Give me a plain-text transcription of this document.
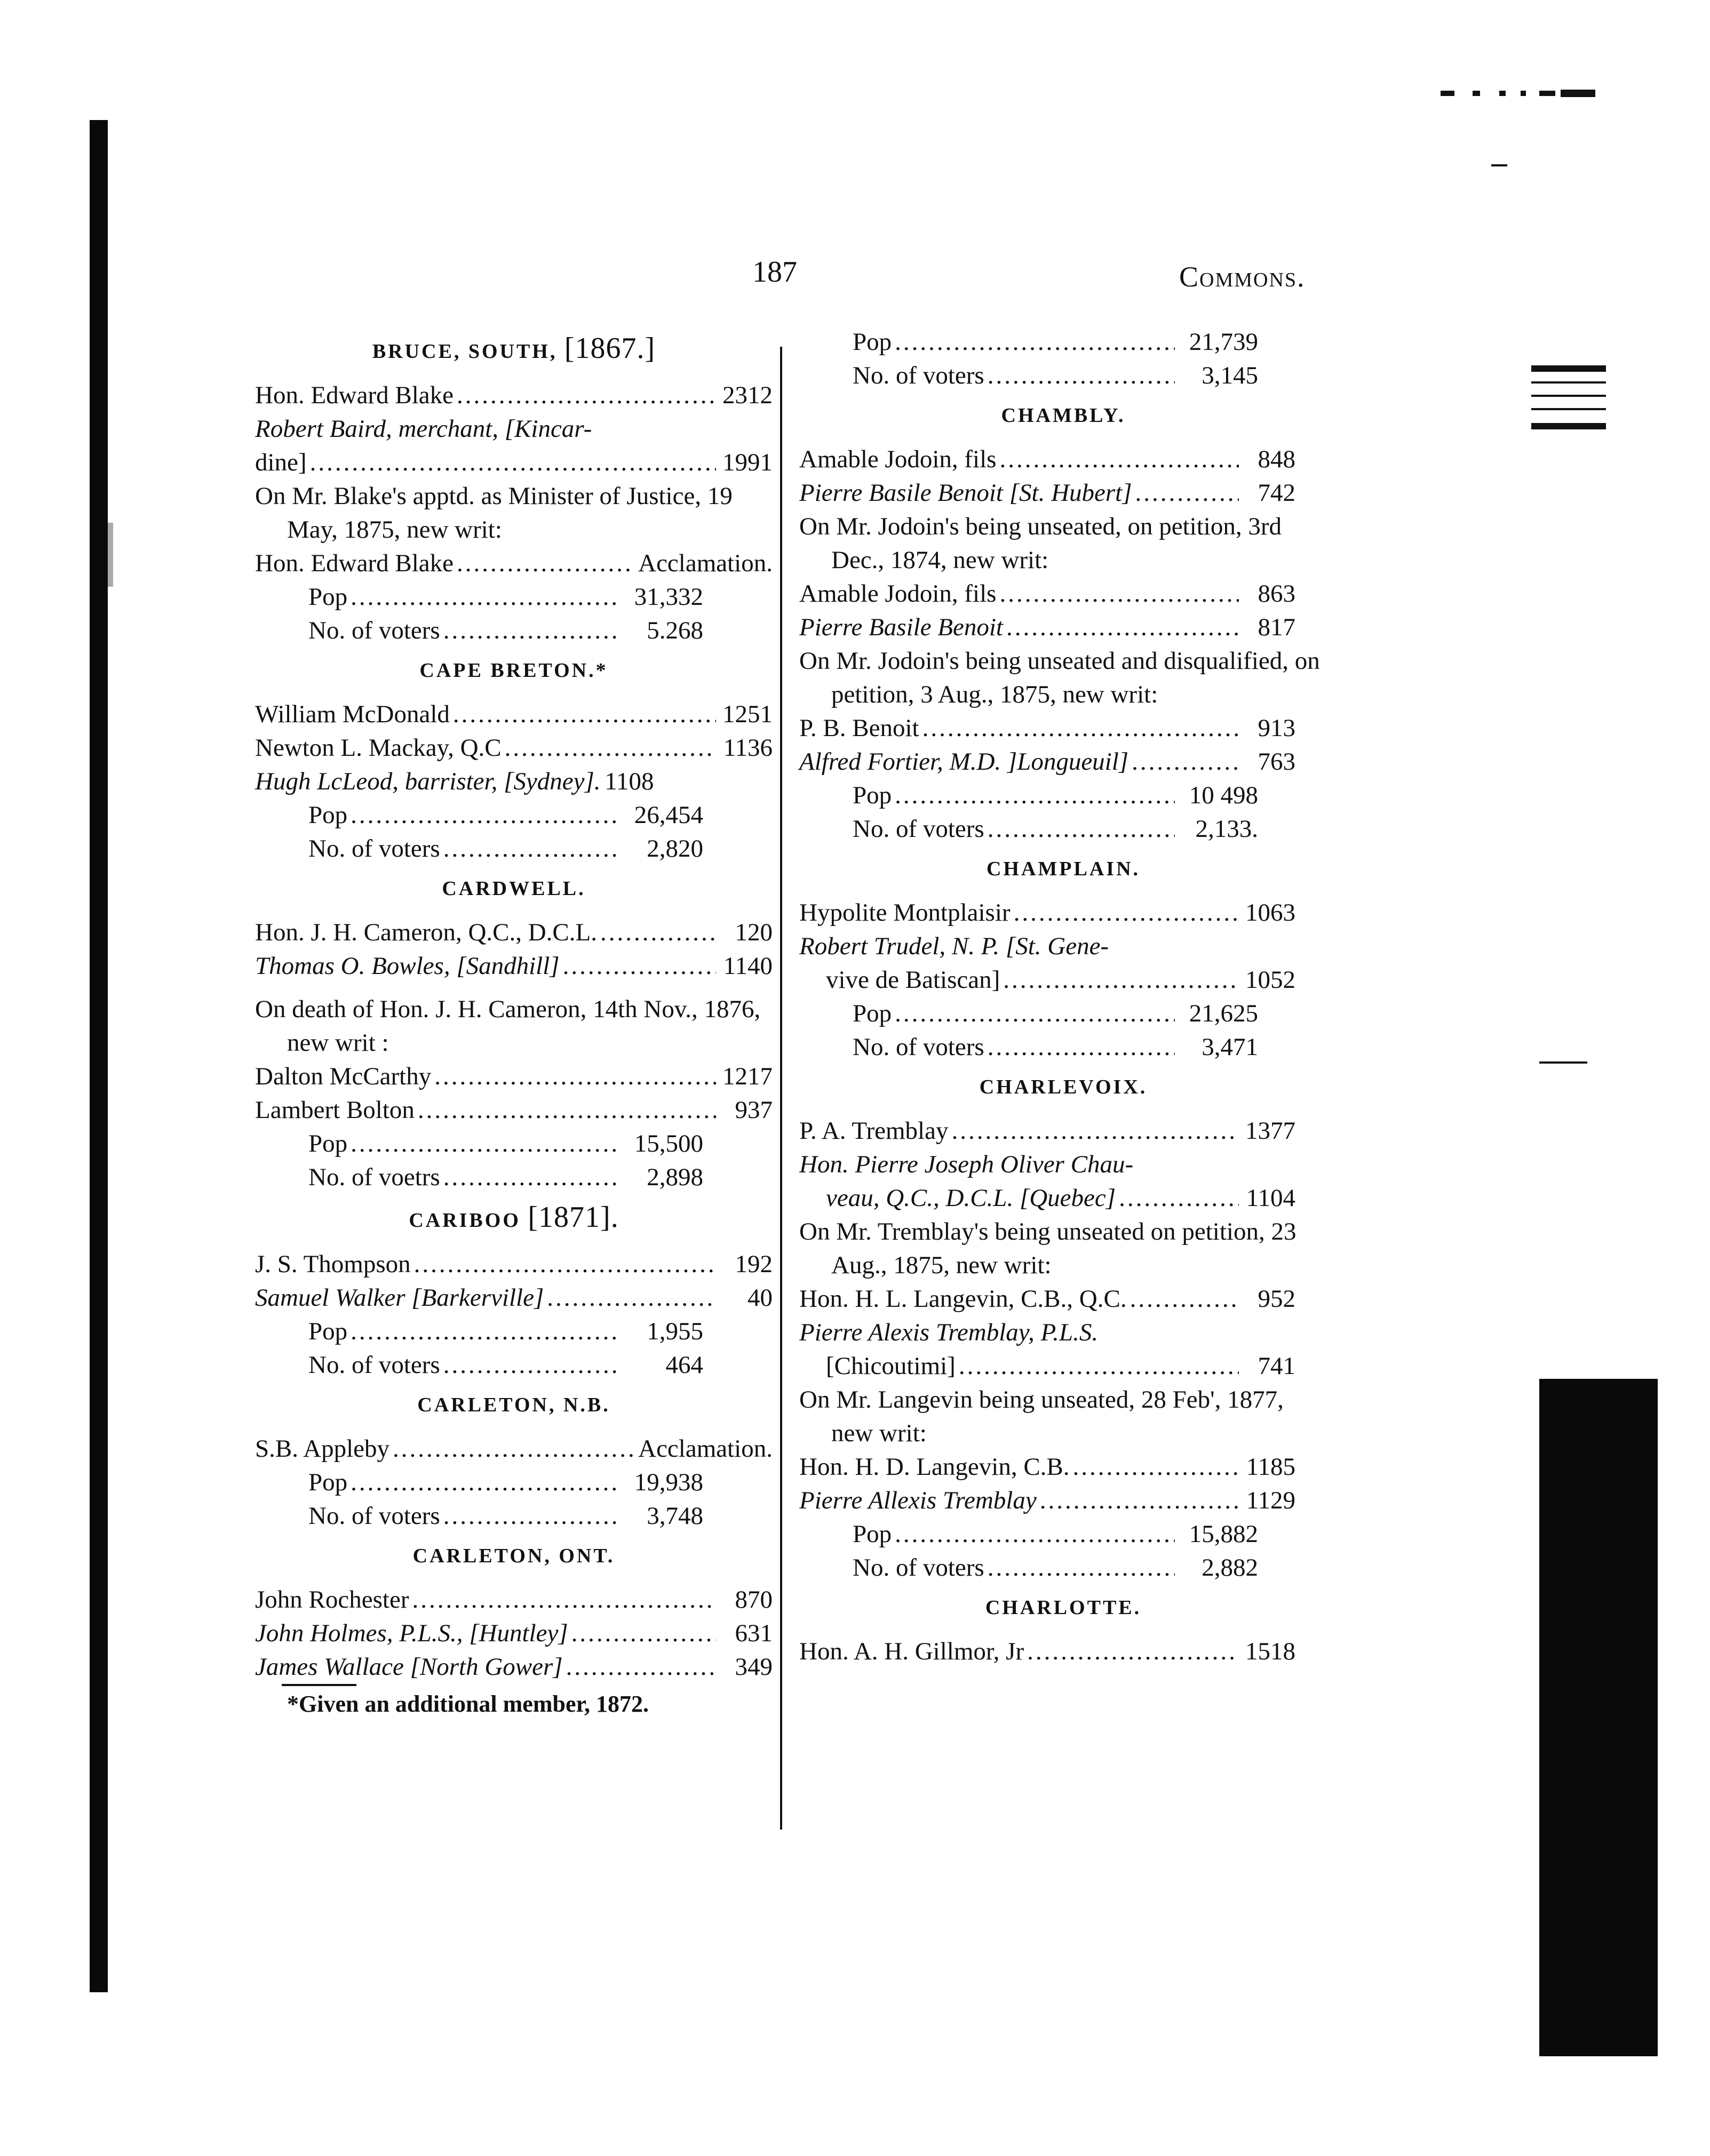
187	Commons.
BRUCE, SOUTH, [1867.]
Hon. Edward Blake .....	2312
Robert Baird, merchant, [Kincar-
dine] .....	1991
On Mr. Blake's apptd. as Minister of Justice, 19 May, 1875, new writ:
Hon. Edward Blake .....	Acclamation.
Pop .....	31,332
No. of voters .....	5.268
CAPE BRETON.*
William McDonald .....	1251
Newton L. Mackay, Q.C .....	1136
Hugh LcLeod, barrister, [Sydney]. 1108
Pop .....	26,454
No. of voters .....	2,820
CARDWELL.
Hon. J. H. Cameron, Q.C., D.C.L. .....	120
Thomas O. Bowles, [Sandhill] .....	1140
On death of Hon. J. H. Cameron, 14th Nov., 1876, new writ :
Dalton McCarthy .....	1217
Lambert Bolton .....	937
Pop .....	15,500
No. of voetrs .....	2,898
CARIBOO [1871].
J. S. Thompson .....	192
Samuel Walker [Barkerville] .....	40
Pop .....	1,955
No. of voters .....	464
CARLETON, N.B.
S.B. Appleby .....	Acclamation.
Pop .....	19,938
No. of voters .....	3,748
CARLETON, ONT.
John Rochester .....	870
John Holmes, P.L.S., [Huntley] .....	631
James Wallace [North Gower] .....	349
*Given an additional member, 1872.
Pop .....	21,739
No. of voters .....	3,145
CHAMBLY.
Amable Jodoin, fils .....	848
Pierre Basile Benoit [St. Hubert] .....	742
On Mr. Jodoin's being unseated, on petition, 3rd Dec., 1874, new writ:
Amable Jodoin, fils .....	863
Pierre Basile Benoit .....	817
On Mr. Jodoin's being unseated and disqualified, on petition, 3 Aug., 1875, new writ:
P. B. Benoit .....	913
Alfred Fortier, M.D. ]Longueuil] .....	763
Pop .....	10 498
No. of voters .....	2,133.
CHAMPLAIN.
Hypolite Montplaisir .....	1063
Robert Trudel, N. P. [St. Gene-
vive de Batiscan] .....	1052
Pop .....	21,625
No. of voters .....	3,471
CHARLEVOIX.
P. A. Tremblay .....	1377
Hon. Pierre Joseph Oliver Chau-
veau, Q.C., D.C.L. [Quebec] .....	1104
On Mr. Tremblay's being unseated on petition, 23 Aug., 1875, new writ:
Hon. H. L. Langevin, C.B., Q.C. .....	952
Pierre Alexis Tremblay, P.L.S.
[Chicoutimi] .....	741
On Mr. Langevin being unseated, 28 Feb', 1877, new writ:
Hon. H. D. Langevin, C.B. .....	1185
Pierre Allexis Tremblay .....	1129
Pop .....	15,882
No. of voters .....	2,882
CHARLOTTE.
Hon. A. H. Gillmor, Jr .....	1518
